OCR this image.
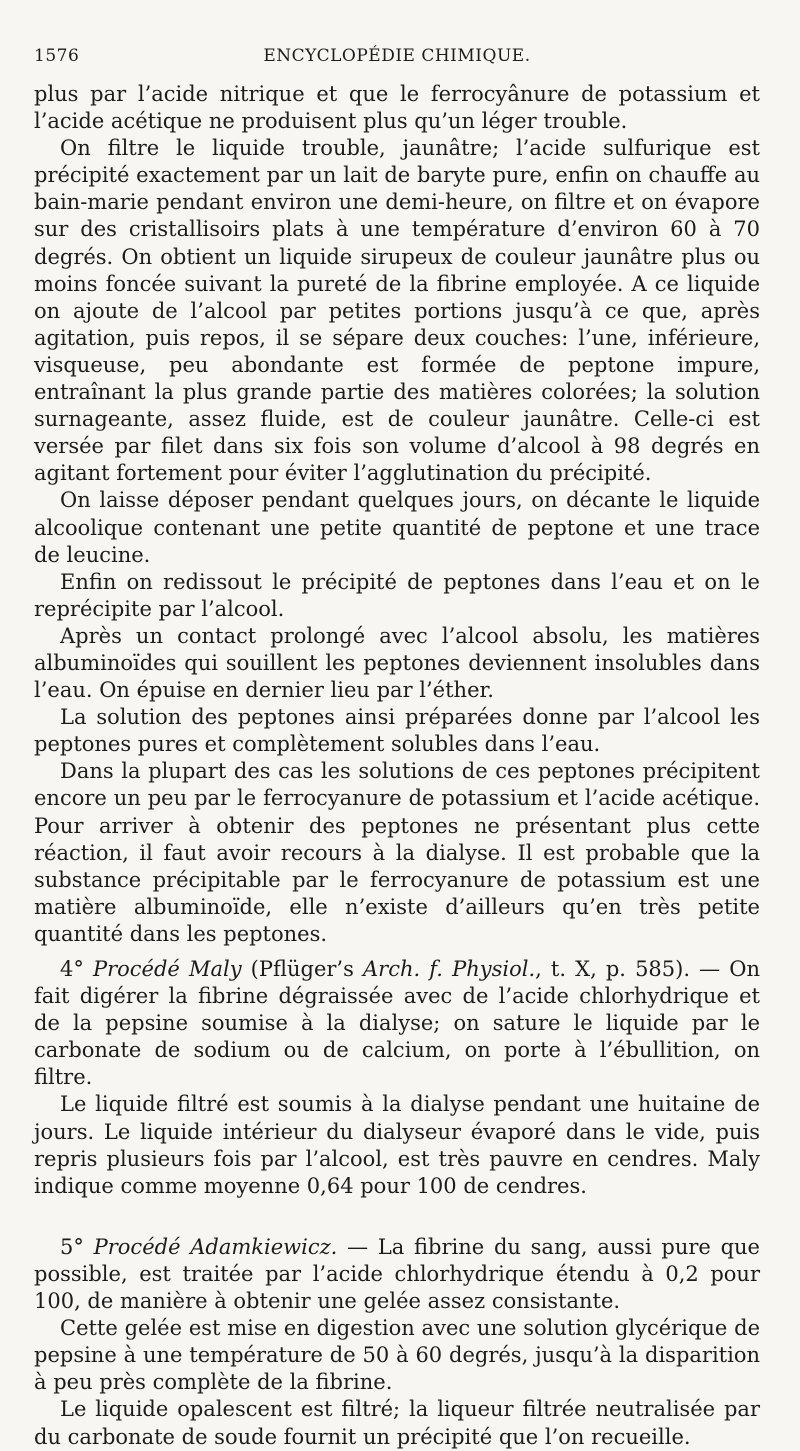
1576	ENCYCLOPÉDIE CHIMIQUE.

plus par l’acide nitrique et que le ferrocyânure de potassium et l’acide acétique ne produisent plus qu’un léger trouble.

On filtre le liquide trouble, jaunâtre; l’acide sulfurique est précipité exactement par un lait de baryte pure, enfin on chauffe au bain-marie pendant environ une demi-heure, on filtre et on évapore sur des cristallisoirs plats à une température d’environ 60 à 70 degrés. On obtient un liquide sirupeux de couleur jaunâtre plus ou moins foncée suivant la pureté de la fibrine employée. A ce liquide on ajoute de l’alcool par petites portions jusqu’à ce que, après agitation, puis repos, il se sépare deux couches: l’une, inférieure, visqueuse, peu abondante est formée de peptone impure, entraînant la plus grande partie des matières colorées; la solution surnageante, assez fluide, est de couleur jaunâtre. Celle-ci est versée par filet dans six fois son volume d’alcool à 98 degrés en agitant fortement pour éviter l’agglutination du précipité.

On laisse déposer pendant quelques jours, on décante le liquide alcoolique contenant une petite quantité de peptone et une trace de leucine.

Enfin on redissout le précipité de peptones dans l’eau et on le reprécipite par l’alcool.

Après un contact prolongé avec l’alcool absolu, les matières albuminoïdes qui souillent les peptones deviennent insolubles dans l’eau. On épuise en dernier lieu par l’éther.

La solution des peptones ainsi préparées donne par l’alcool les peptones pures et complètement solubles dans l’eau.

Dans la plupart des cas les solutions de ces peptones précipitent encore un peu par le ferrocyanure de potassium et l’acide acétique. Pour arriver à obtenir des peptones ne présentant plus cette réaction, il faut avoir recours à la dialyse. Il est probable que la substance précipitable par le ferrocyanure de potassium est une matière albuminoïde, elle n’existe d’ailleurs qu’en très petite quantité dans les peptones.

4° Procédé Maly (Pflüger’s Arch. f. Physiol., t. X, p. 585). — On fait digérer la fibrine dégraissée avec de l’acide chlorhydrique et de la pepsine soumise à la dialyse; on sature le liquide par le carbonate de sodium ou de calcium, on porte à l’ébullition, on filtre.

Le liquide filtré est soumis à la dialyse pendant une huitaine de jours. Le liquide intérieur du dialyseur évaporé dans le vide, puis repris plusieurs fois par l’alcool, est très pauvre en cendres. Maly indique comme moyenne 0,64 pour 100 de cendres.

5° Procédé Adamkiewicz. — La fibrine du sang, aussi pure que possible, est traitée par l’acide chlorhydrique étendu à 0,2 pour 100, de manière à obtenir une gelée assez consistante.

Cette gelée est mise en digestion avec une solution glycérique de pepsine à une température de 50 à 60 degrés, jusqu’à la disparition à peu près complète de la fibrine.

Le liquide opalescent est filtré; la liqueur filtrée neutralisée par du carbonate de soude fournit un précipité que l’on recueille.
